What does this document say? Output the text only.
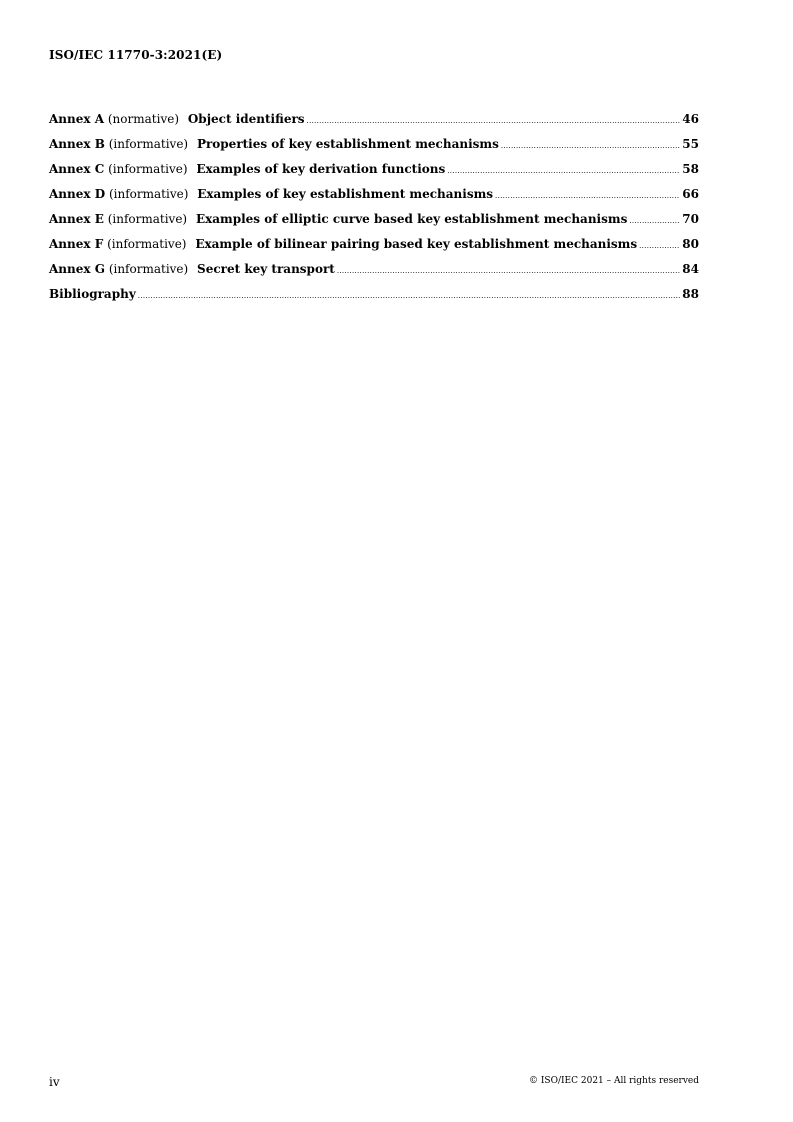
ISO/IEC 11770-3:2021(E)
Annex A (normative) Object identifiers .....	46
Annex B (informative) Properties of key establishment mechanisms .....	55
Annex C (informative) Examples of key derivation functions .....	58
Annex D (informative) Examples of key establishment mechanisms .....	66
Annex E (informative) Examples of elliptic curve based key establishment mechanisms .....	70
Annex F (informative) Example of bilinear pairing based key establishment mechanisms .....	80
Annex G (informative) Secret key transport .....	84
Bibliography .....	88
iv	© ISO/IEC 2021 – All rights reserved
